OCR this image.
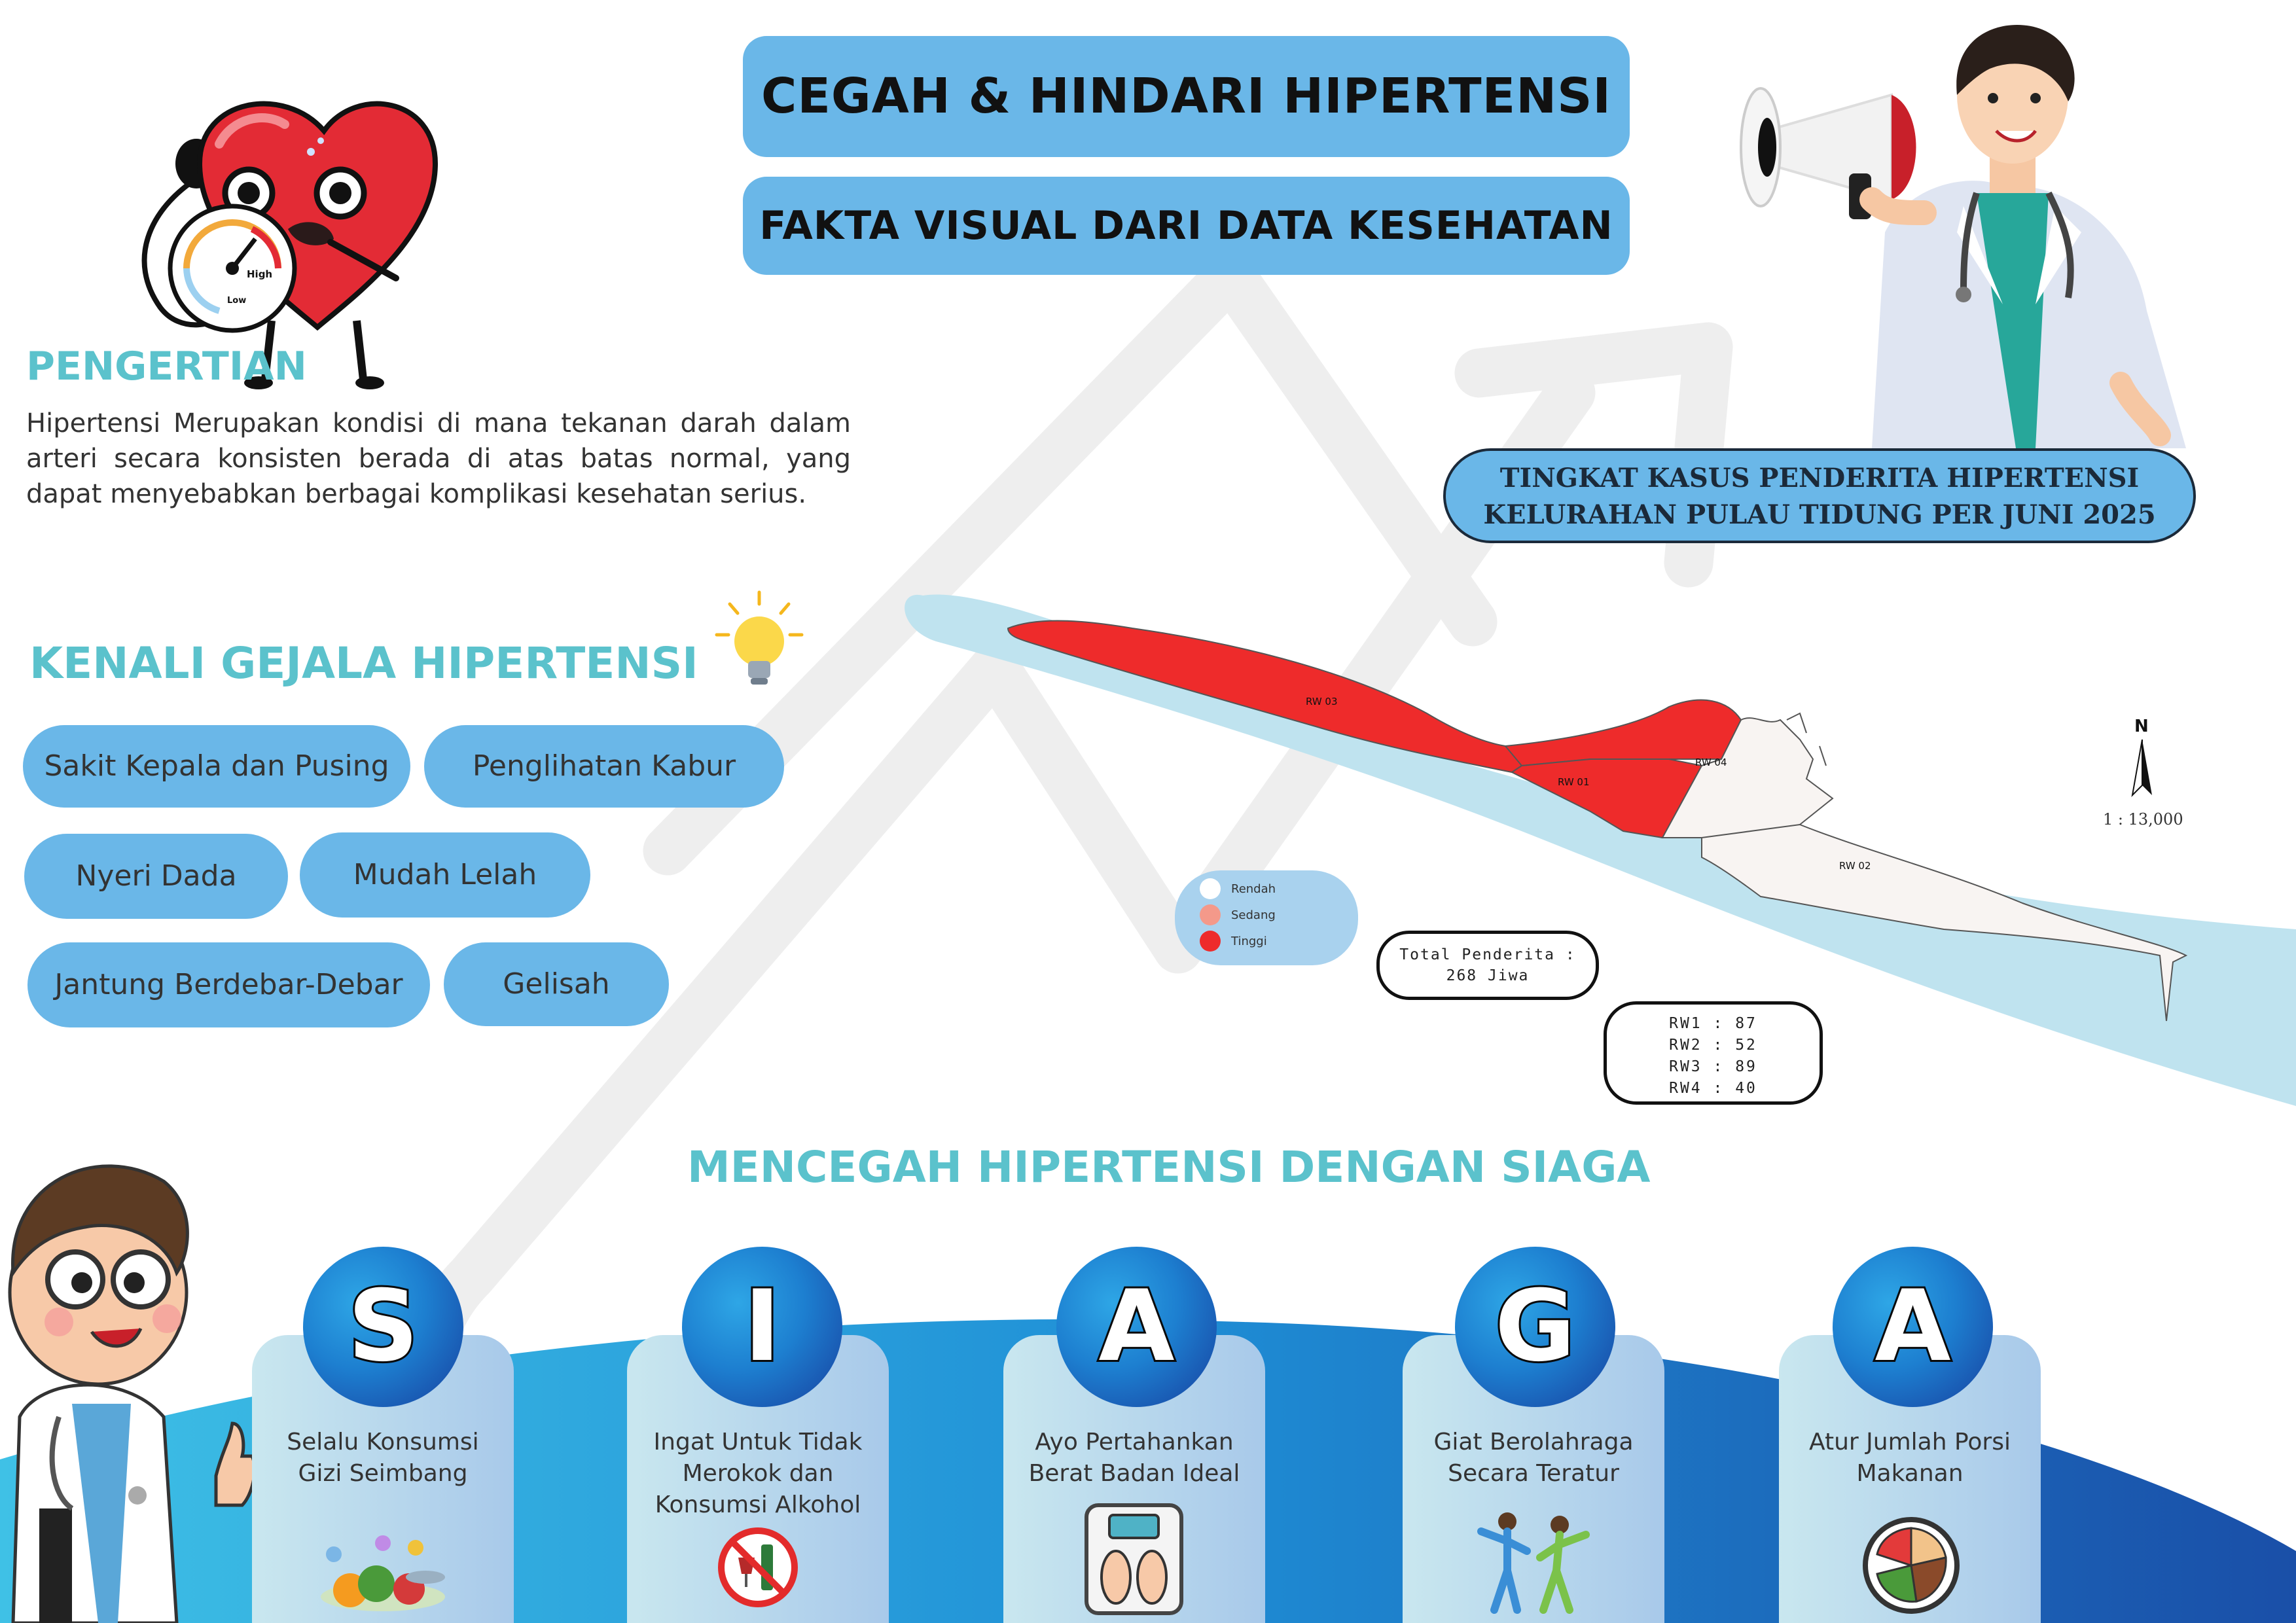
CEGAH & HINDARI HIPERTENSI
FAKTA VISUAL DARI DATA KESEHATAN
High
Low
PENGERTIAN
Hipertensi Merupakan kondisi di mana tekanan darah dalam arteri secara konsisten berada di atas batas normal, yang dapat menyebabkan berbagai komplikasi kesehatan serius.
KENALI GEJALA HIPERTENSI
Sakit Kepala dan Pusing	Penglihatan Kabur
Nyeri Dada	Mudah Lelah
Jantung Berdebar-Debar	Gelisah
TINGKAT KASUS PENDERITA HIPERTENSI
KELURAHAN PULAU TIDUNG PER JUNI 2025
RW 03
RW 04
RW 01
RW 02
N
1 : 13,000
Rendah
Sedang
Tinggi
Total Penderita :
268 Jiwa
RW1 : 87
RW2 : 52
RW3 : 89
RW4 : 40
MENCEGAH HIPERTENSI DENGAN SIAGA
Selalu Konsumsi Gizi Seimbang
Ingat Untuk Tidak Merokok dan Konsumsi Alkohol
Ayo Pertahankan Berat Badan Ideal
Giat Berolahraga Secara Teratur
Atur Jumlah Porsi Makanan
S	I	A	G	A
